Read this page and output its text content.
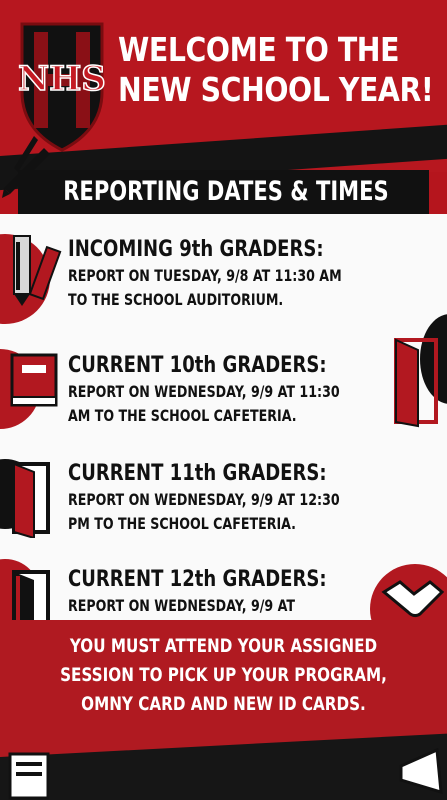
NHS
WELCOME TO THE
NEW SCHOOL YEAR!
REPORTING DATES & TIMES
INCOMING 9th GRADERS:
REPORT ON TUESDAY, 9/8 AT 11:30 AM
TO THE SCHOOL AUDITORIUM.
CURRENT 10th GRADERS:
REPORT ON WEDNESDAY, 9/9 AT 11:30
AM TO THE SCHOOL CAFETERIA.
CURRENT 11th GRADERS:
REPORT ON WEDNESDAY, 9/9 AT 12:30
PM TO THE SCHOOL CAFETERIA.
CURRENT 12th GRADERS:
REPORT ON WEDNESDAY, 9/9 AT
YOU MUST ATTEND YOUR ASSIGNED
SESSION TO PICK UP YOUR PROGRAM,
OMNY CARD AND NEW ID CARDS.
